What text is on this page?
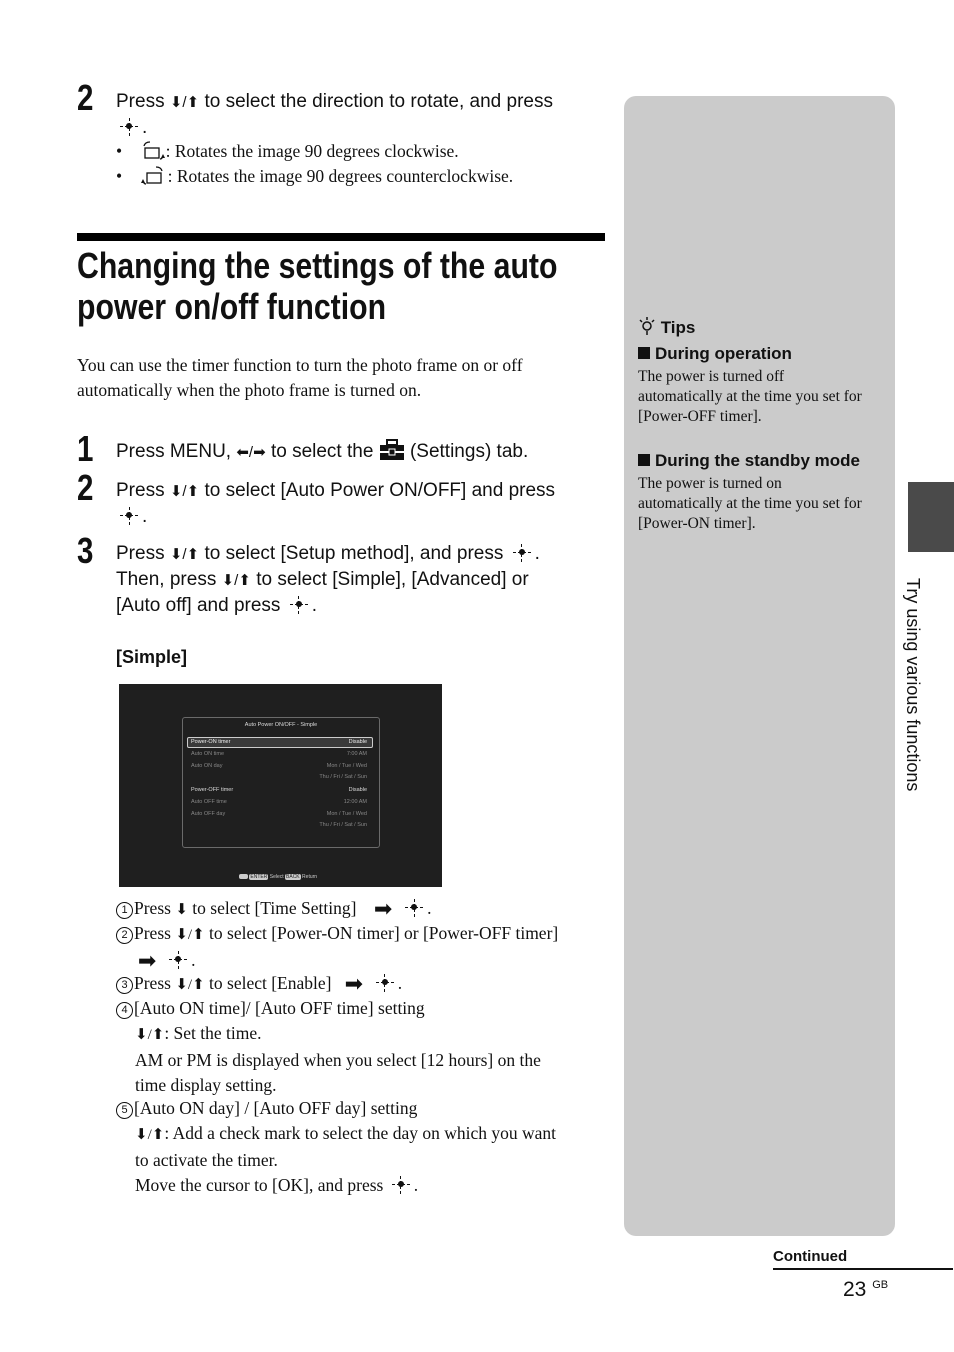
2 Press ⬇/⬆ to select the direction to rotate, and press

.
•    : Rotates the image 90 degrees clockwise.
•    : Rotates the image 90 degrees counterclockwise.
Changing the settings of the auto
power on/off function
You can use the timer function to turn the photo frame on or off
automatically when the photo frame is turned on.
1 Press MENU, ⬅/➡ to select the  (Settings) tab.
2 Press ⬇/⬆ to select [Auto Power ON/OFF] and press

.
3 Press ⬇/⬆ to select [Setup method], and press
.
Then, press ⬇/⬆ to select [Simple], [Advanced] or
[Auto off] and press
.
[Simple]
Auto Power ON/OFF - Simple
Power-ON timer	Disable
Auto ON time	7:00 AM
Auto ON day	Mon / Tue / Wed
Thu / Fri / Sat / Sun
Power-OFF timer	Disable
Auto OFF time	12:00 AM
Auto OFF day	Mon / Tue / Wed
Thu / Fri / Sat / Sun
ENTER Select BACK Return
1 Press ⬇ to select [Time Setting] ➡ .
2 Press ⬇/⬆ to select [Power-ON timer] or [Power-OFF timer]
➡ .
3 Press ⬇/⬆ to select [Enable] ➡ .
4 [Auto ON time]/ [Auto OFF time] setting
⬇/⬆: Set the time.
AM or PM is displayed when you select [12 hours] on the
time display setting.
5 [Auto ON day] / [Auto OFF day] setting
⬇/⬆: Add a check mark to select the day on which you want
to activate the timer.
Move the cursor to [OK], and press
.
Tips
During operation
The power is turned off
automatically at the time you set for
[Power-OFF timer].
During the standby mode
The power is turned on
automatically at the time you set for
[Power-ON timer].
Try using various functions
Continued
23 $^{GB}$
